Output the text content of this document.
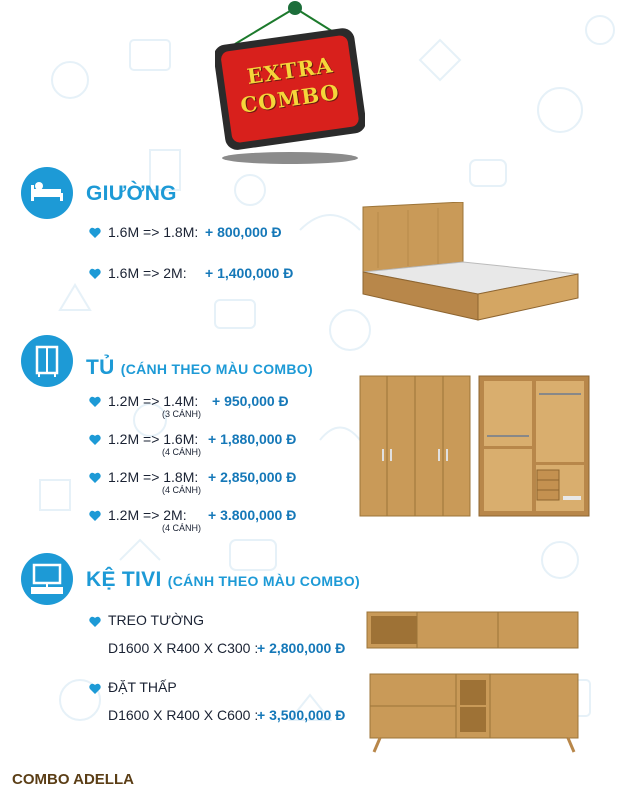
EXTRA
COMBO
GIƯỜNG
1.6M => 1.8M: + 800,000 Đ
1.6M => 2M: + 1,400,000 Đ
TỦ (CÁNH THEO MÀU COMBO)
1.2M => 1.4M:
(3 CÁNH)
+ 950,000 Đ
1.2M => 1.6M:
(4 CÁNH)
+ 1,880,000 Đ
1.2M => 1.8M:
(4 CÁNH)
+ 2,850,000 Đ
1.2M => 2M:
(4 CÁNH)
+ 3.800,000 Đ
KỆ TIVI (CÁNH THEO MÀU COMBO)
TREO TƯỜNG
D1600 X R400 X C300 :
+ 2,800,000 Đ
ĐẶT THẤP
D1600 X R400 X C600 :
+ 3,500,000 Đ
COMBO ADELLA
